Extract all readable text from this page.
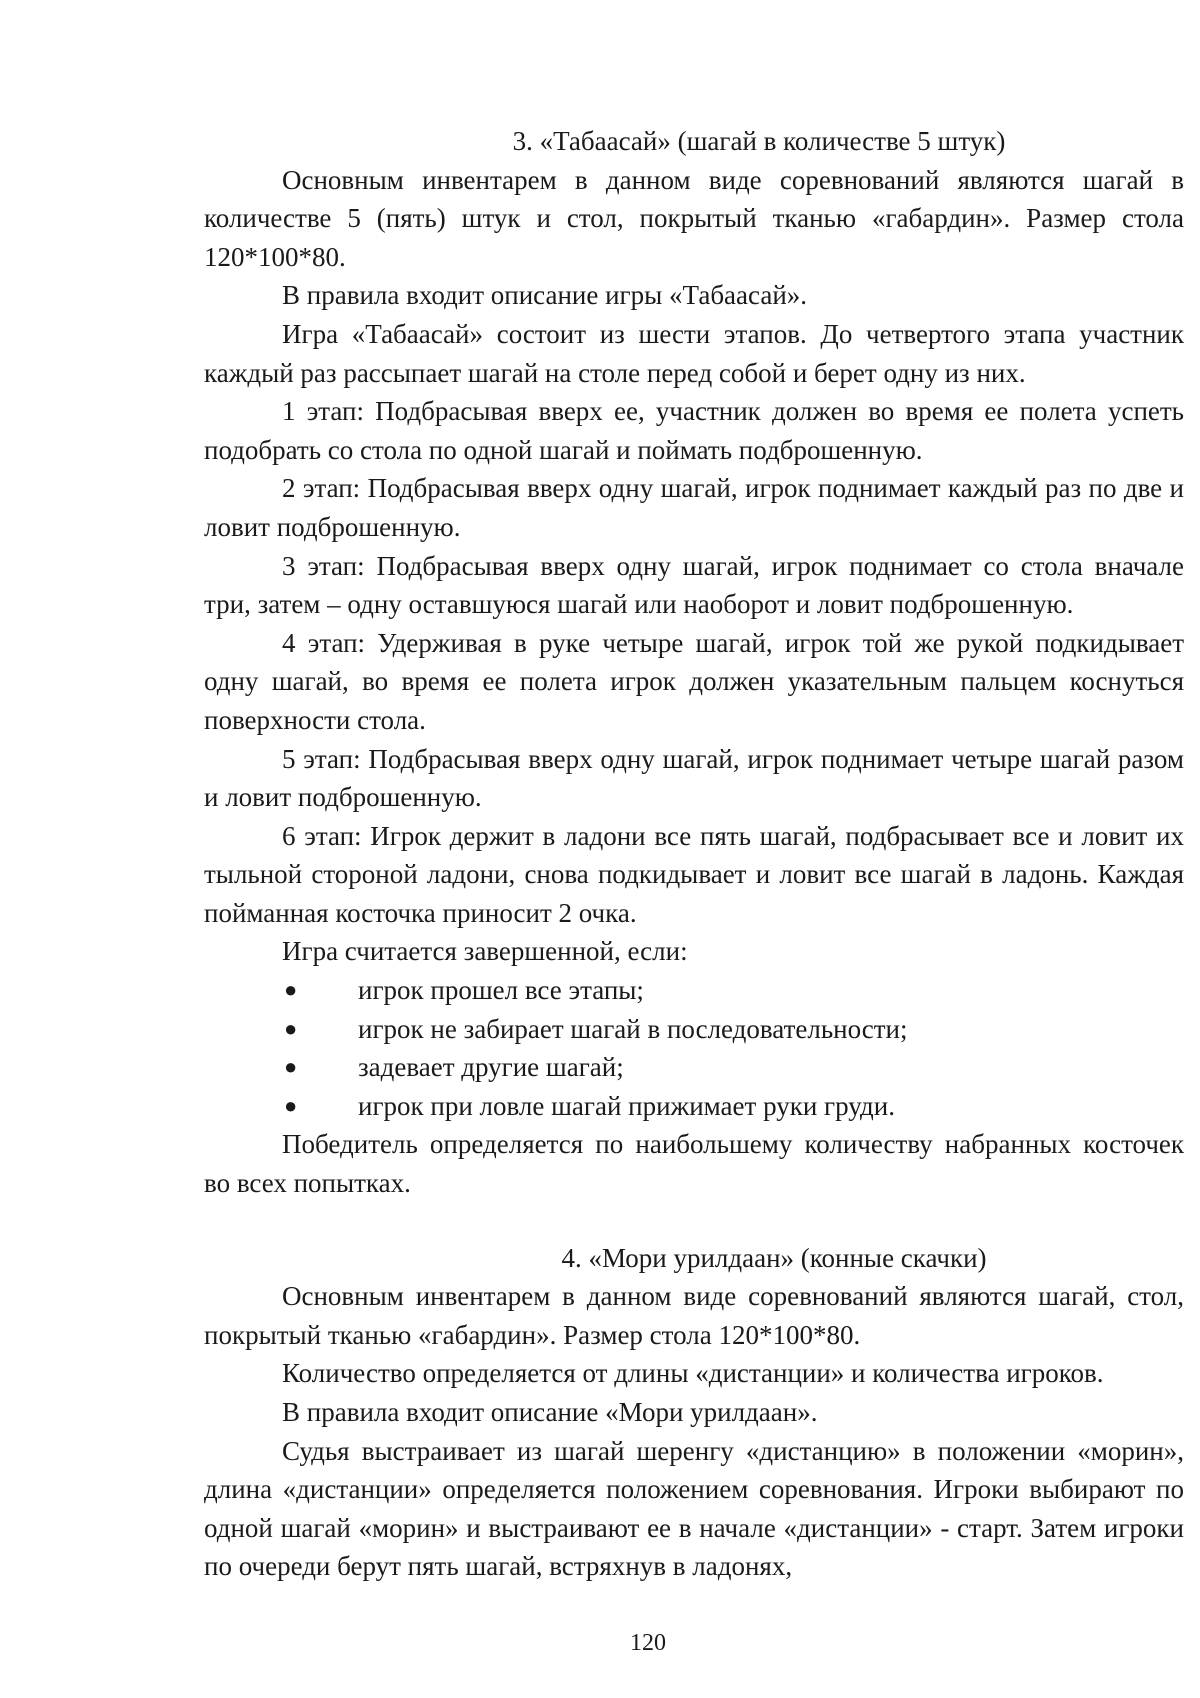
3. «Табаасай» (шагай в количестве 5 штук)

Основным инвентарем в данном виде соревнований являются шагай в количестве 5 (пять) штук и стол, покрытый тканью «габардин». Размер стола 120*100*80.

В правила входит описание игры «Табаасай».

Игра «Табаасай» состоит из шести этапов. До четвертого этапа участник каждый раз рассыпает шагай на столе перед собой и берет одну из них.

1 этап: Подбрасывая вверх ее, участник должен во время ее полета успеть подобрать со стола по одной шагай и поймать подброшенную.

2 этап: Подбрасывая вверх одну шагай, игрок поднимает каждый раз по две и ловит подброшенную.

3 этап: Подбрасывая вверх одну шагай, игрок поднимает со стола вначале три, затем – одну оставшуюся шагай или наоборот и ловит подброшенную.

4 этап: Удерживая в руке четыре шагай, игрок той же рукой подкидывает одну шагай, во время ее полета игрок должен указательным пальцем коснуться поверхности стола.

5 этап: Подбрасывая вверх одну шагай, игрок поднимает четыре шагай разом и ловит подброшенную.

6 этап: Игрок держит в ладони все пять шагай, подбрасывает все и ловит их тыльной стороной ладони, снова подкидывает и ловит все шагай в ладонь. Каждая пойманная косточка приносит 2 очка.

Игра считается завершенной, если:

● игрок прошел все этапы;
● игрок не забирает шагай в последовательности;
● задевает другие шагай;
● игрок при ловле шагай прижимает руки груди.

Победитель определяется по наибольшему количеству набранных косточек во всех попытках.

4. «Мори урилдаан» (конные скачки)

Основным инвентарем в данном виде соревнований являются шагай, стол, покрытый тканью «габардин». Размер стола 120*100*80.

Количество определяется от длины «дистанции» и количества игроков.

В правила входит описание «Мори урилдаан».

Судья выстраивает из шагай шеренгу «дистанцию» в положении «морин», длина «дистанции» определяется положением соревнования. Игроки выбирают по одной шагай «морин» и выстраивают ее в начале «дистанции» - старт. Затем игроки по очереди берут пять шагай, встряхнув в ладонях,

120
